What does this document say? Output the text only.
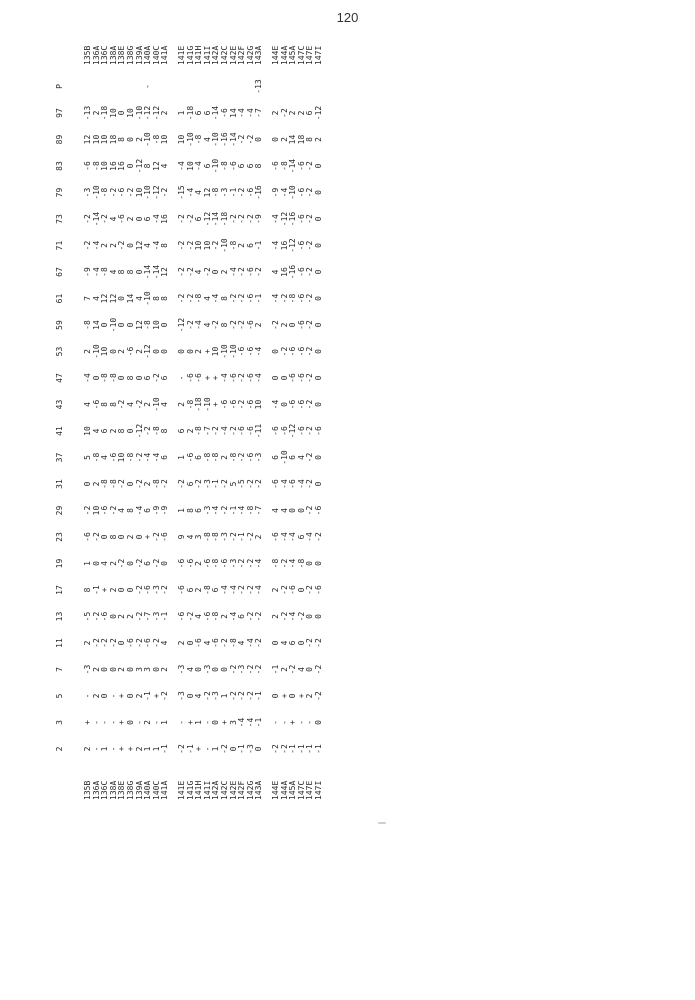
120
2
3
5
7
11
13
17
19
23
29
31
37
41
43
47
53
59
61
67
71
73
79
83
89
97
P
135B
2
+
-
-3
2
-5
8
1
-6
-2
0
5
10
4
-4
2
-8
7
-9
-2
-2
-3
-6
12
-13
135B
136A
-
-
2
2
-2
-2
-1
0
-2
10
2
-8
4
-6
0
-10
14
4
-4
-4
-14
-10
-8
10
2
136A
136C
1
-
0
0
-2
-6
+
4
0
-6
-8
4
6
8
-8
10
0
12
-8
2
-2
-8
10
10
-18
136C
138A
-
-
-
0
-2
0
2
2
8
-2
-8
-6
2
8
-8
0
-10
12
4
2
4
-2
16
18
10
138A
138E
+
+
+
2
0
2
0
-2
0
4
-2
10
8
-2
0
2
0
0
8
-2
-6
-6
16
8
0
138E
138G
+
0
0
0
-6
2
0
0
2
8
0
-8
0
4
8
-6
0
14
8
0
2
-2
0
0
10
138G
139A
2
-
2
3
-2
-2
-2
-2
0
-4
-2
-2
-12
-2
0
2
12
4
0
12
0
10
-12
2
-10
139A
140A
1
2
-1
3
-6
-7
-6
6
+
6
2
-4
-2
2
6
-12
-8
-10
-14
4
6
-10
8
-10
-12
-
140A
140C
1
-
+
0
-2
-3
-3
-2
-2
-9
-8
-4
-8
-10
-2
0
10
8
-14
-4
-4
-12
12
-8
-12
140C
141A
-1
1
-2
2
4
-1
-2
0
-6
-9
-2
6
8
4
6
0
0
8
12
8
16
-2
4
10
2
141A
141E
-2
-
-3
-3
2
-6
-6
-6
9
1
-2
1
6
2
-
0
-12
-2
-2
-2
-2
-15
-4
10
1
141E
141G
-1
+
0
4
0
-2
6
-6
4
8
6
-6
2
-8
-6
0
-2
-2
-2
-2
-2
-4
10
-10
-18
141G
141H
+
1
4
0
-6
4
2
2
3
6
-2
6
-8
-18
-6
2
-4
-8
4
10
6
4
-4
-8
6
141H
141I
-
-
-2
-3
4
-6
-8
-6
-8
-3
-3
-8
-7
-10
+
+
4
4
-2
10
-12
12
6
4
6
141I
142A
1
0
-3
0
-6
-8
6
-8
-8
-4
-1
-8
-2
+
+
10
-2
-4
0
-2
-14
-8
-10
-10
-14
142A
142C
-2
+
1
0
-2
2
-4
-6
-3
-2
-2
2
-4
-6
-4
-10
8
8
2
-10
-18
-3
-8
-16
-6
142C
142E
0
3
-2
-2
-8
-4
-4
-3
-2
-1
5
-8
-2
-6
-6
-10
-2
-2
-4
-8
-2
-1
-6
-14
14
142E
142F
-1
-4
-2
-3
4
6
-2
-2
-1
-4
-5
-2
-6
-2
-2
-6
-2
-2
-2
2
-2
-2
6
-2
-4
142F
142G
-3
-4
-2
-2
-4
-2
-2
-2
-2
-8
-2
-6
-6
-6
-6
-6
-6
-6
-6
6
-2
-6
6
-2
-4
142G
143A
0
-1
-1
-2
-2
-2
-4
-4
2
-7
-2
-3
-11
10
-4
-4
2
-1
-2
-1
-9
-16
8
0
-7
-13
143A
144E
-2
-
0
-1
0
2
2
-8
-6
4
-6
6
-6
-4
0
0
-2
-4
4
-4
-4
-9
-6
0
2
144E
144A
-2
-
+
2
4
-2
-2
-2
-4
4
-4
-10
-6
0
0
-2
2
-2
16
16
-12
-4
-8
2
-2
144A
145A
-1
+
0
-2
6
-4
-6
-4
-4
0
-6
6
-12
-6
-6
-6
0
-8
-16
-12
-16
-10
-14
14
2
145A
147C
-1
-
+
4
0
-2
0
-8
6
0
-4
4
-6
-6
-6
-6
-6
-6
-6
-6
-6
-6
-6
18
2
147C
147E
-1
-
2
0
-2
0
-2
0
-4
-2
-2
-2
-2
-2
-2
-2
-2
-2
-2
-2
-2
-2
-2
8
6
147E
147I
-1
0
-2
-2
-2
0
-6
0
-2
-6
0
0
-6
0
0
0
0
0
0
0
0
0
0
2
-12
147I
